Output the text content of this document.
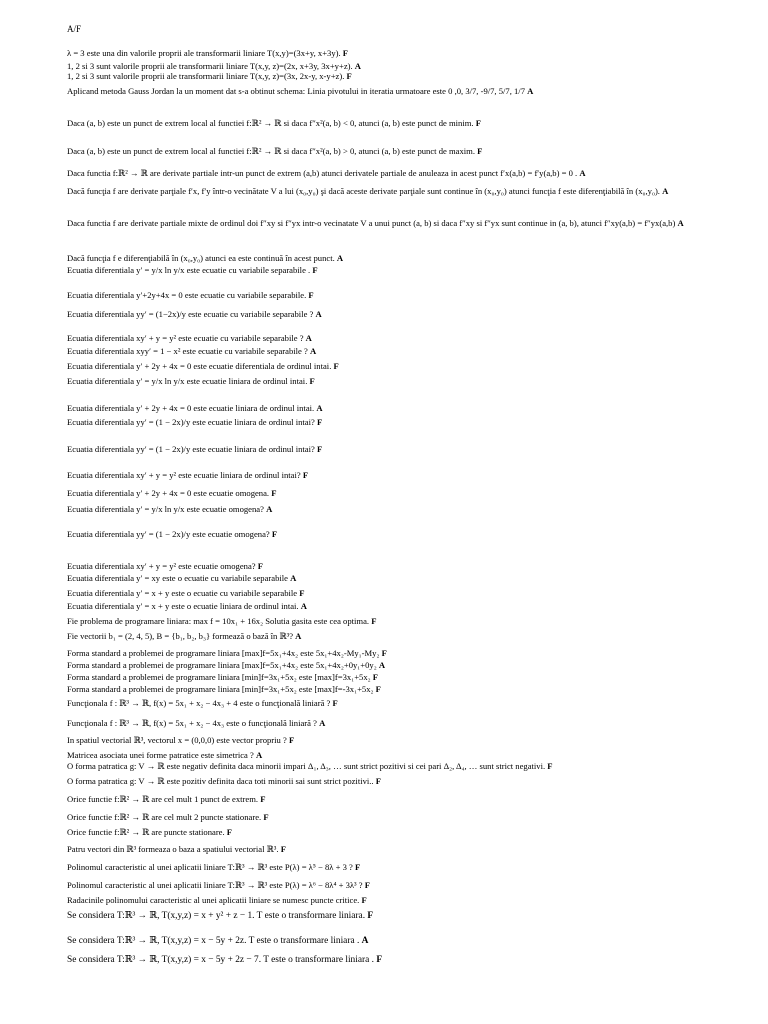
A/F
λ = 3 este una din valorile proprii ale transformarii liniare T(x,y)=(3x+y, x+3y). F
1, 2 si 3 sunt valorile proprii ale transformarii liniare T(x,y, z)=(2x, x+3y, 3x+y+z). A
1, 2 si 3 sunt valorile proprii ale transformarii liniare T(x,y, z)=(3x, 2x-y, x-y+z). F
Aplicand metoda Gauss Jordan la un moment dat s-a obtinut schema: Linia pivotului in iteratia urmatoare este 0 ,0, 3/7, -9/7, 5/7, 1/7 A
Daca (a, b) este un punct de extrem local al functiei f:ℝ² → ℝ si daca f″x²(a, b) < 0, atunci (a, b) este punct de minim. F
Daca (a, b) este un punct de extrem local al functiei f:ℝ² → ℝ si daca f″x²(a, b) > 0, atunci (a, b) este punct de maxim. F
Daca functia f:ℝ² → ℝ are derivate partiale intr-un punct de extrem (a,b) atunci derivatele partiale de anuleaza in acest punct f′x(a,b) = f′y(a,b) = 0 . A
Dacă funcţia f are derivate parţiale f′x, f′y într-o vecinătate V a lui (x₀,y₀) şi dacă aceste derivate parţiale sunt continue în (x₀,y₀) atunci funcţia f este diferenţiabilă în (x₀,y₀). A
Daca functia f are derivate partiale mixte de ordinul doi f″xy si f″yx intr-o vecinatate V a unui punct (a, b) si daca f″xy si f″yx sunt continue in (a, b), atunci f″xy(a,b) = f″yx(a,b) A
Dacă funcţia f e diferenţiabilă în (x₀,y₀) atunci ea este continuă în acest punct. A
Ecuatia diferentiala y′ = y/x ln y/x este ecuatie cu variabile separabile . F
Ecuatia diferentiala y′+2y+4x = 0 este ecuatie cu variabile separabile. F
Ecuatia diferentiala yy′ = (1−2x)/y este ecuatie cu variabile separabile ? A
Ecuatia diferentiala xy′ + y = y² este ecuatie cu variabile separabile ? A
Ecuatia diferentiala xyy′ = 1 − x² este ecuatie cu variabile separabile ? A
Ecuatia diferentiala y′ + 2y + 4x = 0 este ecuatie diferentiala de ordinul intai. F
Ecuatia diferentiala y′ = y/x ln y/x este ecuatie liniara de ordinul intai. F
Ecuatia diferentiala y′ + 2y + 4x = 0 este ecuatie liniara de ordinul intai. A
Ecuatia diferentiala yy′ = (1 − 2x)/y este ecuatie liniara de ordinul intai? F
Ecuatia diferentiala yy′ = (1 − 2x)/y este ecuatie liniara de ordinul intai? F
Ecuatia diferentiala xy′ + y = y² este ecuatie liniara de ordinul intai? F
Ecuatia diferentiala y′ + 2y + 4x = 0 este ecuatie omogena. F
Ecuatia diferentiala y′ = y/x ln y/x este ecuatie omogena? A
Ecuatia diferentiala yy′ = (1 − 2x)/y este ecuatie omogena? F
Ecuatia diferentiala xy′ + y = y² este ecuatie omogena? F
Ecuatia diferentiala y′ = xy este o ecuatie cu variabile separabile A
Ecuatia diferentiala y′ = x + y este o ecuatie cu variabile separabile F
Ecuatia diferentiala y′ = x + y este o ecuatie liniara de ordinul intai. A
Fie problema de programare liniara: max f = 10x₁ + 16x₂ Solutia gasita este cea optima. F
Fie vectorii b₁ = (2, 4, 5), B = {b₁, b₂, b₃} formează o bază în ℝ³? A
Forma standard a problemei de programare liniara [max]f=5x₁+4x₂ este 5x₁+4x₂-My₁-My₂ F
Forma standard a problemei de programare liniara [max]f=5x₁+4x₂ este 5x₁+4x₂+0y₁+0y₂ A
Forma standard a problemei de programare liniara [min]f=3x₁+5x₂ este [max]f=3x₁+5x₂ F
Forma standard a problemei de programare liniara [min]f=3x₁+5x₂ este [max]f=-3x₁+5x₂ F
Funcţionala f : ℝ³ → ℝ, f(x) = 5x₁ + x₂ − 4x₃ + 4 este o funcţională liniară ? F
Funcţionala f : ℝ³ → ℝ, f(x) = 5x₁ + x₂ − 4x₃ este o funcţională liniară ? A
In spatiul vectorial ℝ³, vectorul x = (0,0,0) este vector propriu ? F
Matricea asociata unei forme patratice este simetrica ? A
O forma patratica g: V → ℝ este negativ definita daca minorii impari Δ₁, Δ₃, … sunt strict pozitivi si cei pari Δ₂, Δ₄, … sunt strict negativi. F
O forma patratica g: V → ℝ este pozitiv definita daca toti minorii sai sunt strict pozitivi.. F
Orice functie f:ℝ² → ℝ are cel mult 1 punct de extrem. F
Orice functie f:ℝ² → ℝ are cel mult 2 puncte stationare. F
Orice functie f:ℝ² → ℝ are puncte stationare. F
Patru vectori din ℝ³ formeaza o baza a spatiului vectorial ℝ³. F
Polinomul caracteristic al unei aplicatii liniare T:ℝ³ → ℝ³ este P(λ) = λ⁵ − 8λ + 3 ? F
Polinomul caracteristic al unei aplicatii liniare T:ℝ³ → ℝ³ este P(λ) = λ⁶ − 8λ⁴ + 3λ³ ? F
Radacinile polinomului caracteristic al unei aplicatii liniare se numesc puncte critice. F
Se considera T:ℝ³ → ℝ, T(x,y,z) = x + y² + z − 1. T este o transformare liniara. F
Se considera T:ℝ³ → ℝ, T(x,y,z) = x − 5y + 2z. T este o transformare liniara . A
Se considera T:ℝ³ → ℝ, T(x,y,z) = x − 5y + 2z − 7. T este o transformare liniara . F
